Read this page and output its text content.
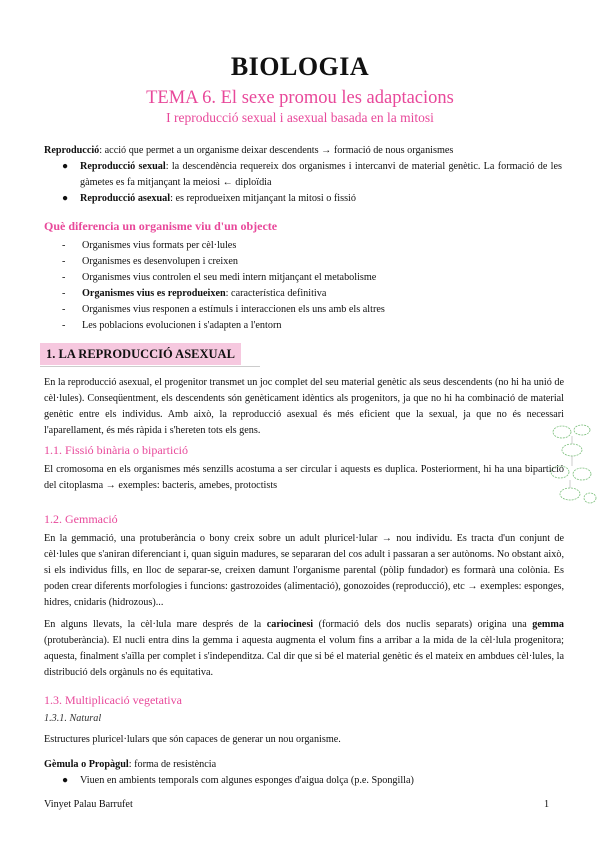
BIOLOGIA
TEMA 6. El sexe promou les adaptacions
I reproducció sexual i asexual basada en la mitosi
Reproducció: acció que permet a un organisme deixar descendents → formació de nous organismes
●	Reproducció sexual: la descendència requereix dos organismes i intercanvi de material genètic. La formació de les gàmetes es fa mitjançant la meiosi ← diploïdia
●	Reproducció asexual: es reprodueixen mitjançant la mitosi o fissió
Què diferencia un organisme viu d'un objecte
- Organismes vius formats per cèl·lules
- Organismes es desenvolupen i creixen
- Organismes vius controlen el seu medi intern mitjançant el metabolisme
- Organismes vius es reprodueixen: característica definitiva
- Organismes vius responen a estímuls i interaccionen els uns amb els altres
- Les poblacions evolucionen i s'adapten a l'entorn
1. LA REPRODUCCIÓ ASEXUAL
En la reproducció asexual, el progenitor transmet un joc complet del seu material genètic als seus descendents (no hi ha unió de cèl·lules). Conseqüentment, els descendents són genèticament idèntics als progenitors, ja que no hi ha combinació de material genètic entre els individus. Amb això, la reproducció asexual és més eficient que la sexual, ja que no és necessari l'aparellament, és més ràpida i s'hereten tots els gens.
1.1. Fissió binària o bipartició
El cromosoma en els organismes més senzills acostuma a ser circular i aquests es duplica. Posteriorment, hi ha una bipartició del citoplasma → exemples: bacteris, amebes, protoctists
1.2. Gemmació
En la gemmació, una protuberància o bony creix sobre un adult pluricel·lular → nou individu. Es tracta d'un conjunt de cèl·lules que s'aniran diferenciant i, quan siguin madures, se separaran del cos adult i passaran a ser autònoms. No obstant això, si els individus fills, en lloc de separar-se, creixen damunt l'organisme parental (pòlip fundador) es formarà una colònia. Es poden crear diferents morfologies i funcions: gastrozoides (alimentació), gonozoides (reproducció), etc → exemples: esponges, hidres, cnidaris (hidrozous)...
En alguns llevats, la cèl·lula mare després de la cariocinesi (formació dels dos nuclis separats) origina una gemma (protuberància). El nucli entra dins la gemma i aquesta augmenta el volum fins a arribar a la mida de la cèl·lula progenitora; aquesta, finalment s'aïlla per complet i s'independitza. Cal dir que si bé el material genètic és el mateix en ambdues cèl·lules, la distribució dels orgànuls no és equitativa.
1.3. Multiplicació vegetativa
1.3.1. Natural
Estructures pluricel·lulars que són capaces de generar un nou organisme.
Gèmula o Propàgul: forma de resistència
●	Viuen en ambients temporals com algunes esponges d'aigua dolça (p.e. Spongilla)
Vinyet Palau Barrufet	1
